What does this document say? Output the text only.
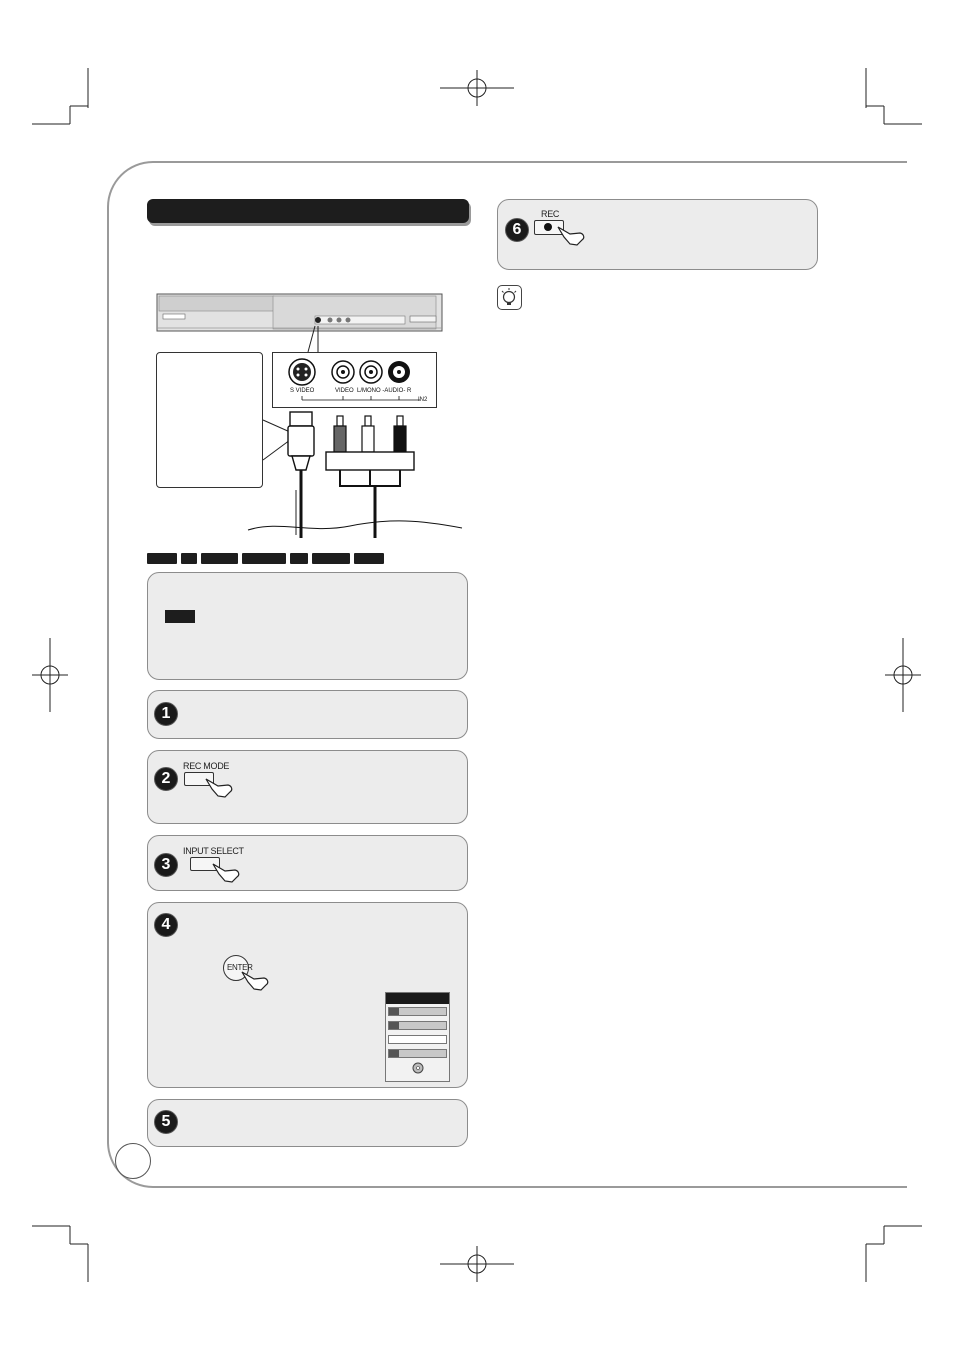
S VIDEO	VIDEO L/MONO -AUDIO- R
IN2
1
2
REC MODE
3
INPUT SELECT
4
ENTER
5
6
REC
